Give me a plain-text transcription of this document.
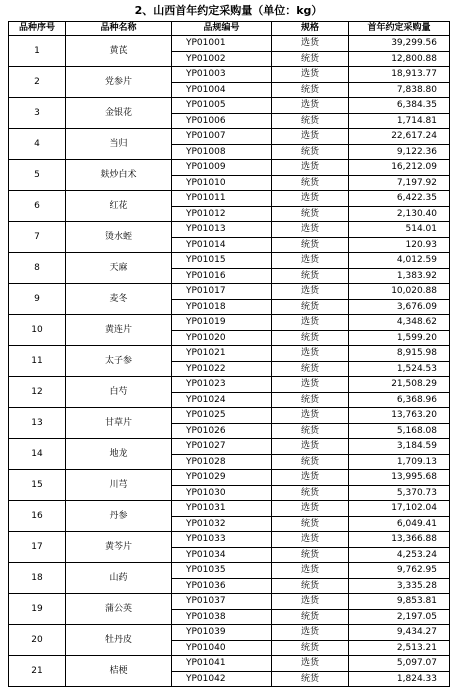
2、山西首年约定采购量（单位：kg）
品种序号	品种名称	品规编号	规格	首年约定采购量
1	黄芪	YP01001	选货	39,299.56
		YP01002	统货	12,800.88
2	党参片	YP01003	选货	18,913.77
		YP01004	统货	7,838.80
3	金银花	YP01005	选货	6,384.35
		YP01006	统货	1,714.81
4	当归	YP01007	选货	22,617.24
		YP01008	统货	9,122.36
5	麸炒白术	YP01009	选货	16,212.09
		YP01010	统货	7,197.92
6	红花	YP01011	选货	6,422.35
		YP01012	统货	2,130.40
7	烫水蛭	YP01013	选货	514.01
		YP01014	统货	120.93
8	天麻	YP01015	选货	4,012.59
		YP01016	统货	1,383.92
9	麦冬	YP01017	选货	10,020.88
		YP01018	统货	3,676.09
10	黄连片	YP01019	选货	4,348.62
		YP01020	统货	1,599.20
11	太子参	YP01021	选货	8,915.98
		YP01022	统货	1,524.53
12	白芍	YP01023	选货	21,508.29
		YP01024	统货	6,368.96
13	甘草片	YP01025	选货	13,763.20
		YP01026	统货	5,168.08
14	地龙	YP01027	选货	3,184.59
		YP01028	统货	1,709.13
15	川芎	YP01029	选货	13,995.68
		YP01030	统货	5,370.73
16	丹参	YP01031	选货	17,102.04
		YP01032	统货	6,049.41
17	黄芩片	YP01033	选货	13,366.88
		YP01034	统货	4,253.24
18	山药	YP01035	选货	9,762.95
		YP01036	统货	3,335.28
19	蒲公英	YP01037	选货	9,853.81
		YP01038	统货	2,197.05
20	牡丹皮	YP01039	选货	9,434.27
		YP01040	统货	2,513.21
21	桔梗	YP01041	选货	5,097.07
		YP01042	统货	1,824.33
